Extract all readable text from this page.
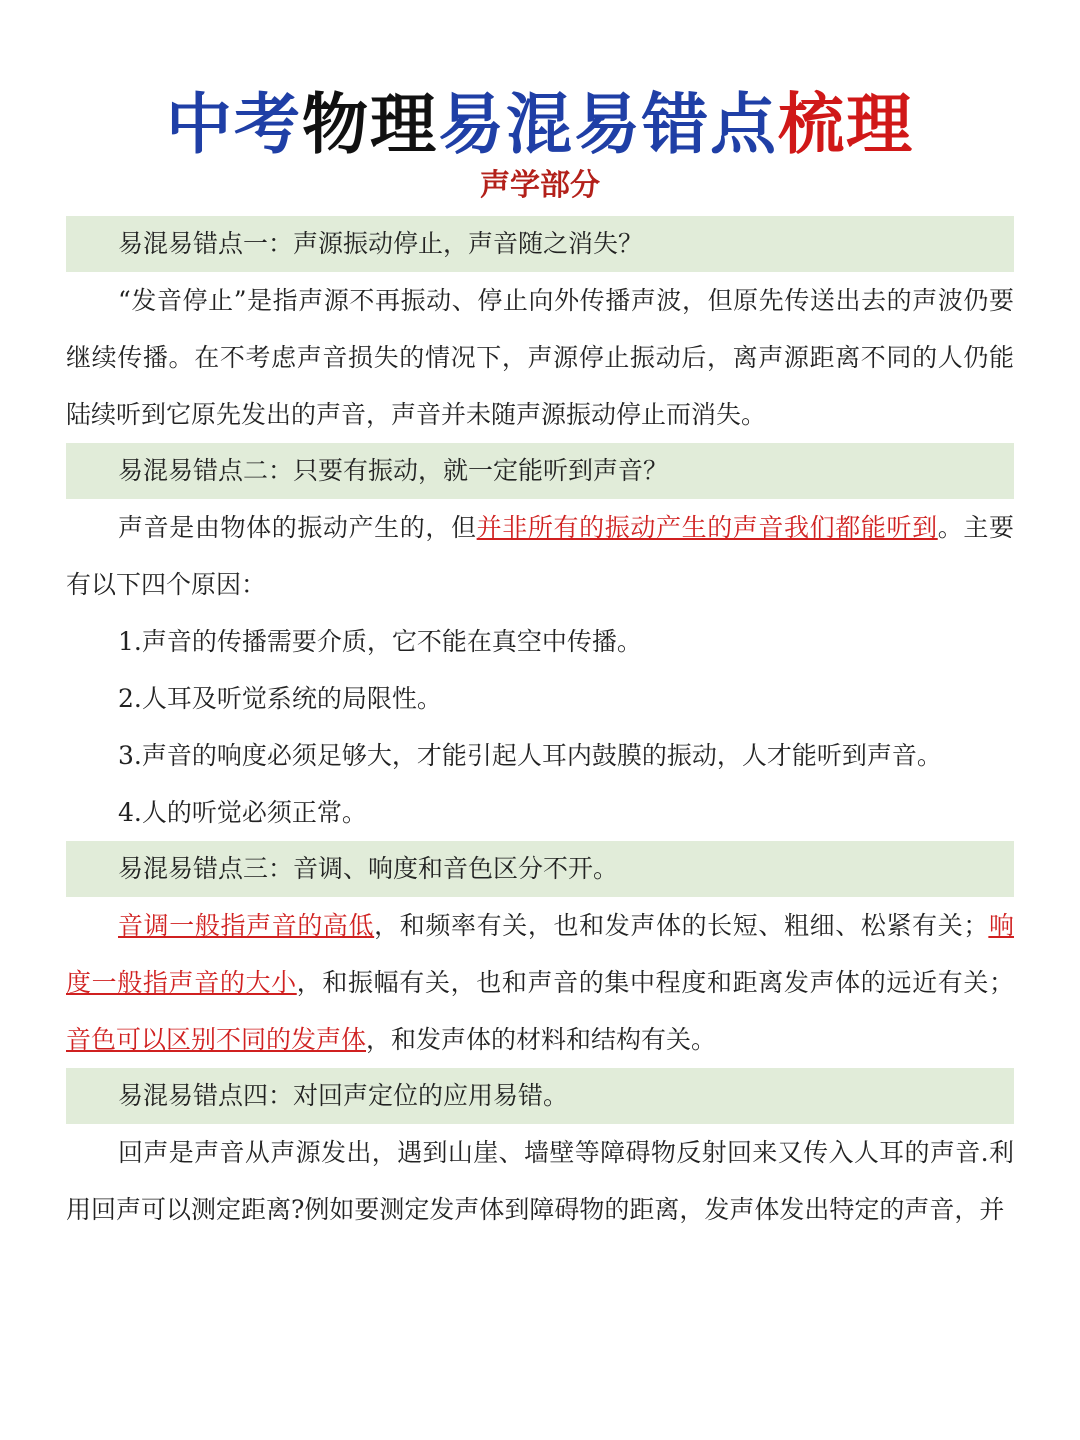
中考物理易混易错点梳理
声学部分
易混易错点一：声源振动停止，声音随之消失？

“发音停止”是指声源不再振动、停止向外传播声波，但原先传送出去的声波仍要继续传播。在不考虑声音损失的情况下，声源停止振动后，离声源距离不同的人仍能陆续听到它原先发出的声音，声音并未随声源振动停止而消失。

易混易错点二：只要有振动，就一定能听到声音？

声音是由物体的振动产生的，但并非所有的振动产生的声音我们都能听到。主要有以下四个原因：

1.声音的传播需要介质，它不能在真空中传播。

2.人耳及听觉系统的局限性。

3.声音的响度必须足够大，才能引起人耳内鼓膜的振动，人才能听到声音。

4.人的听觉必须正常。

易混易错点三：音调、响度和音色区分不开。

音调一般指声音的高低，和频率有关，也和发声体的长短、粗细、松紧有关；响度一般指声音的大小，和振幅有关，也和声音的集中程度和距离发声体的远近有关；音色可以区别不同的发声体，和发声体的材料和结构有关。

易混易错点四：对回声定位的应用易错。

回声是声音从声源发出，遇到山崖、墙壁等障碍物反射回来又传入人耳的声音.利用回声可以测定距离?例如要测定发声体到障碍物的距离，发声体发出特定的声音，并
